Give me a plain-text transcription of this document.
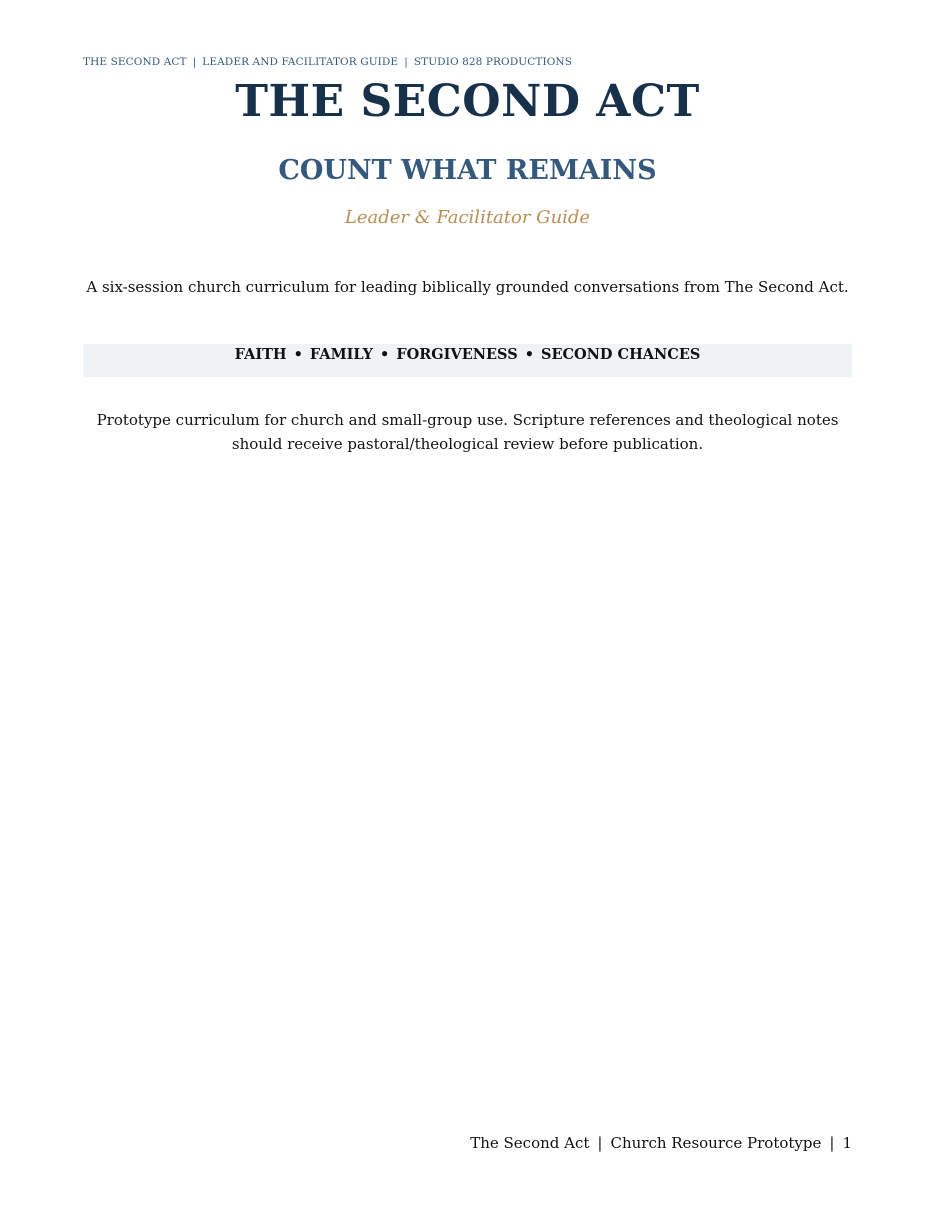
THE SECOND ACT | LEADER AND FACILITATOR GUIDE | STUDIO 828 PRODUCTIONS
THE SECOND ACT
COUNT WHAT REMAINS
Leader & Facilitator Guide
A six-session church curriculum for leading biblically grounded conversations from The Second Act.
FAITH • FAMILY • FORGIVENESS • SECOND CHANCES
Prototype curriculum for church and small-group use. Scripture references and theological notes should receive pastoral/theological review before publication.
The Second Act | Church Resource Prototype | 1
